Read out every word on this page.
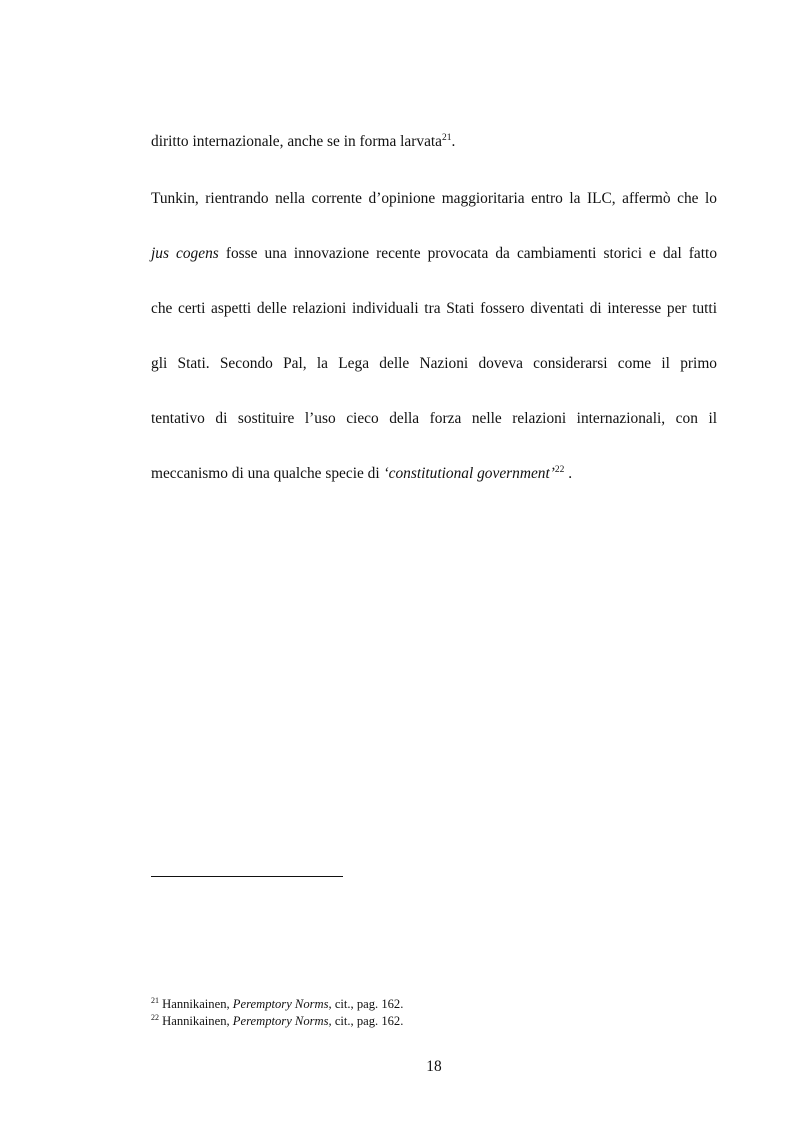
diritto internazionale, anche se in forma larvata$^{21}$.
Tunkin, rientrando nella corrente d’opinione maggioritaria entro la ILC, affermò che lo
jus cogens fosse una innovazione recente provocata da cambiamenti storici e dal fatto
che certi aspetti delle relazioni individuali tra Stati fossero diventati di interesse per tutti
gli Stati. Secondo Pal, la Lega delle Nazioni doveva considerarsi come il primo
tentativo di sostituire l’uso cieco della forza nelle relazioni internazionali, con il
meccanismo di una qualche specie di ‘constitutional government’$^{22}$ .
$^{21}$ Hannikainen, Peremptory Norms, cit., pag. 162.
$^{22}$ Hannikainen, Peremptory Norms, cit., pag. 162.
18
